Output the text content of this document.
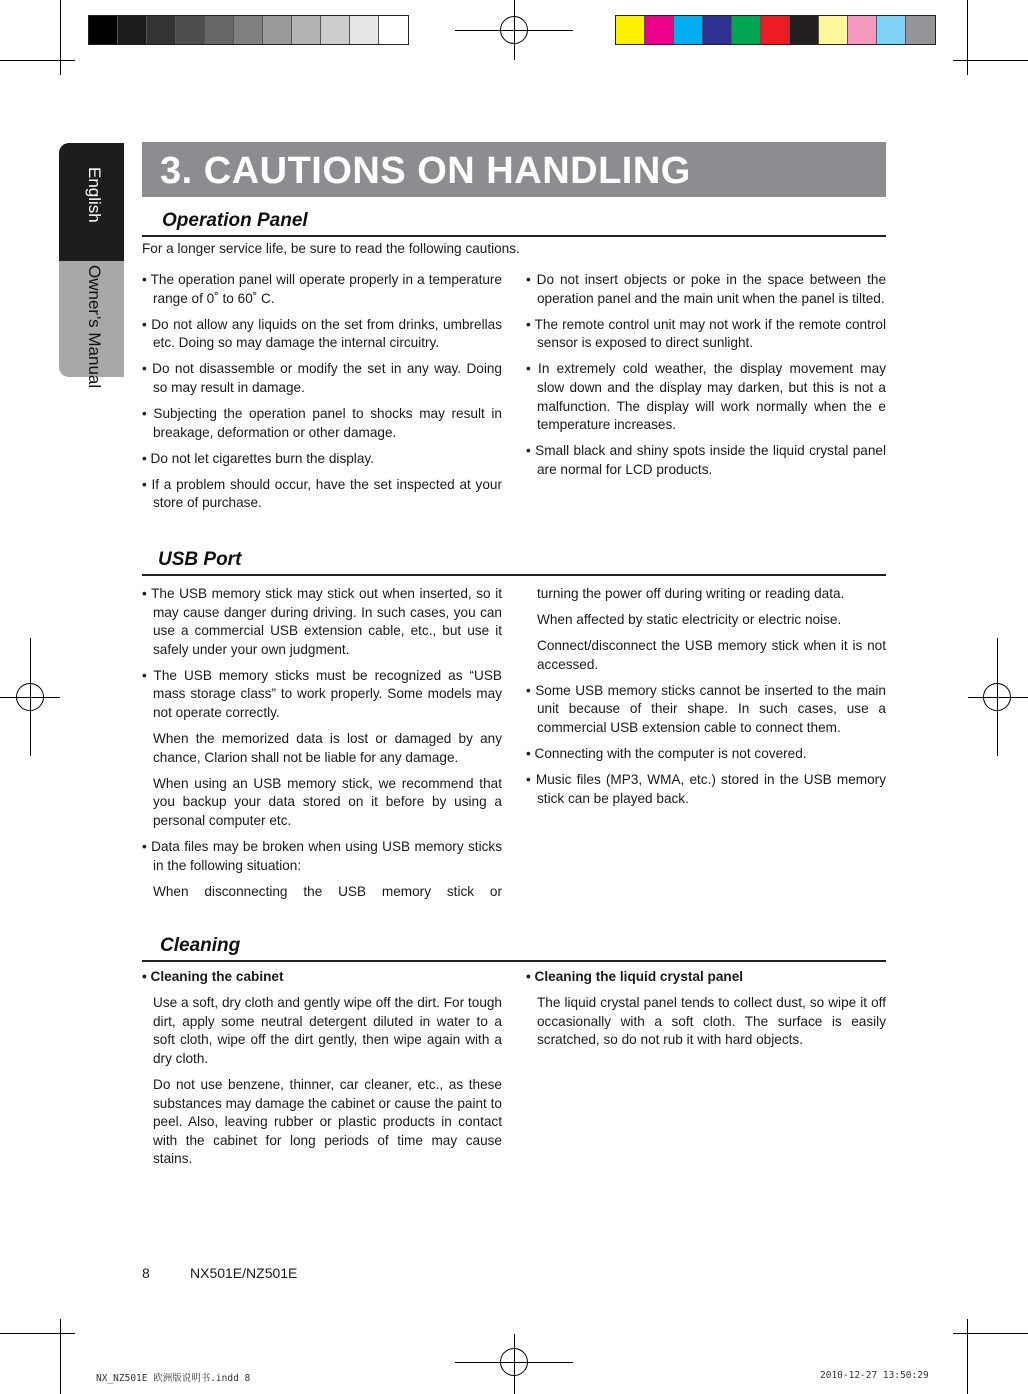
English
Owner’s Manual
3. CAUTIONS ON HANDLING
Operation Panel
For a longer service life, be sure to read the following cautions.

• The operation panel will operate properly in a temperature range of 0˚ to 60˚ C.

• Do not allow any liquids on the set from drinks, umbrellas etc. Doing so may damage the internal circuitry.

• Do not disassemble or modify the set in any way. Doing so may result in damage.

• Subjecting the operation panel to shocks may result in breakage, deformation or other damage.

• Do not let cigarettes burn the display.

• If a problem should occur, have the set inspected at your store of purchase.

• Do not insert objects or poke in the space between the operation panel and the main unit when the panel is tilted.

• The remote control unit may not work if the remote control sensor is exposed to direct sunlight.

• In extremely cold weather, the display movement may slow down and the display may darken, but this is not a malfunction. The display will work normally when the e temperature increases.

• Small black and shiny spots inside the liquid crystal panel are normal for LCD products.

USB Port

• The USB memory stick may stick out when inserted, so it may cause danger during driving. In such cases, you can use a commercial USB extension cable, etc., but use it safely under your own judgment.

• The USB memory sticks must be recognized as “USB mass storage class” to work properly. Some models may not operate correctly.

When the memorized data is lost or damaged by any chance, Clarion shall not be liable for any damage.

When using an USB memory stick, we recommend that you backup your data stored on it before by using a personal computer etc.

• Data files may be broken when using USB memory sticks in the following situation:

When disconnecting the USB memory stick or

turning the power off during writing or reading data.

When affected by static electricity or electric noise.

Connect/disconnect the USB memory stick when it is not accessed.

• Some USB memory sticks cannot be inserted to the main unit because of their shape. In such cases, use a commercial USB extension cable to connect them.

• Connecting with the computer is not covered.

• Music files (MP3, WMA, etc.) stored in the USB memory stick can be played back.

Cleaning

• Cleaning the cabinet

Use a soft, dry cloth and gently wipe off the dirt. For tough dirt, apply some neutral detergent diluted in water to a soft cloth, wipe off the dirt gently, then wipe again with a dry cloth.

Do not use benzene, thinner, car cleaner, etc., as these substances may damage the cabinet or cause the paint to peel. Also, leaving rubber or plastic products in contact with the cabinet for long periods of time may cause stains.

• Cleaning the liquid crystal panel

The liquid crystal panel tends to collect dust, so wipe it off occasionally with a soft cloth. The surface is easily scratched, so do not rub it with hard objects.

8	NX501E/NZ501E
NX_NZ501E 欧洲版说明书.indd 8	2010-12-27 13:50:29
